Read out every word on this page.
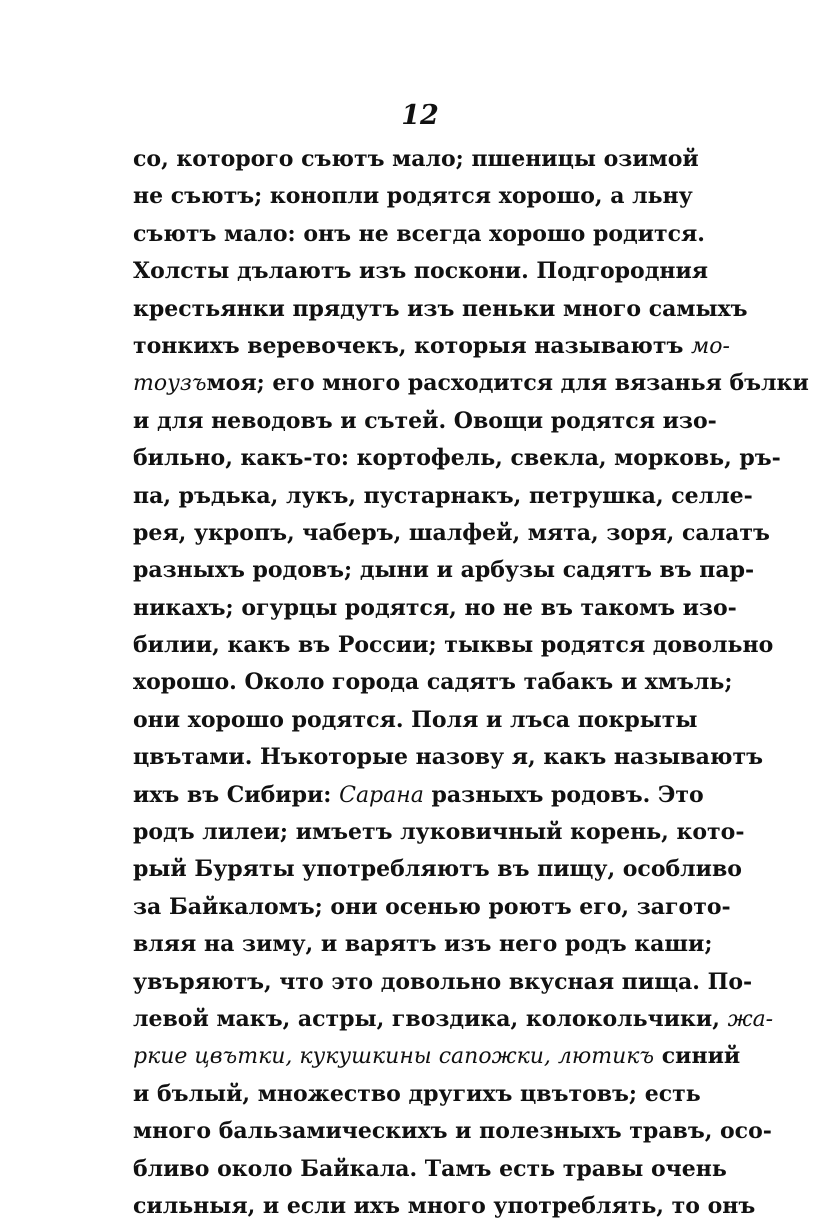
12
со, которого съютъ мало; пшеницы озимой
не съютъ; конопли родятся хорошо, а льну
съютъ мало: онъ не всегда хорошо родится.
Холсты дълаютъ изъ поскони. Подгородния
крестьянки прядутъ изъ пеньки много самыхъ
тонкихъ веревочекъ, которыя называютъ мо-
тоузъмоя; его много расходится для вязанья бълки
и для неводовъ и сътей. Овощи родятся изо-
бильно, какъ-то: кортофель, свекла, морковь, ръ-
па, ръдька, лукъ, пустарнакъ, петрушка, селле-
рея, укропъ, чаберъ, шалфей, мята, зоря, салатъ
разныхъ родовъ; дыни и арбузы садятъ въ пар-
никахъ; огурцы родятся, но не въ такомъ изо-
билии, какъ въ России; тыквы родятся довольно
хорошо. Около города садятъ табакъ и хмъль;
они хорошо родятся. Поля и лъса покрыты
цвътами. Нъкоторые назову я, какъ называютъ
ихъ въ Сибири: Сарана разныхъ родовъ. Это
родъ лилеи; имъетъ луковичный корень, кото-
рый Буряты употребляютъ въ пищу, особливо
за Байкаломъ; они осенью роютъ его, загото-
вляя на зиму, и варятъ изъ него родъ каши;
увъряютъ, что это довольно вкусная пища. По-
левой макъ, астры, гвоздика, колокольчики, жа-
ркие цвътки, кукушкины сапожки, лютикъ синий
и бълый, множество другихъ цвътовъ; есть
много бальзамическихъ и полезныхъ травъ, осо-
бливо около Байкала. Тамъ есть травы очень
сильныя, и если ихъ много употреблять, то онъ
